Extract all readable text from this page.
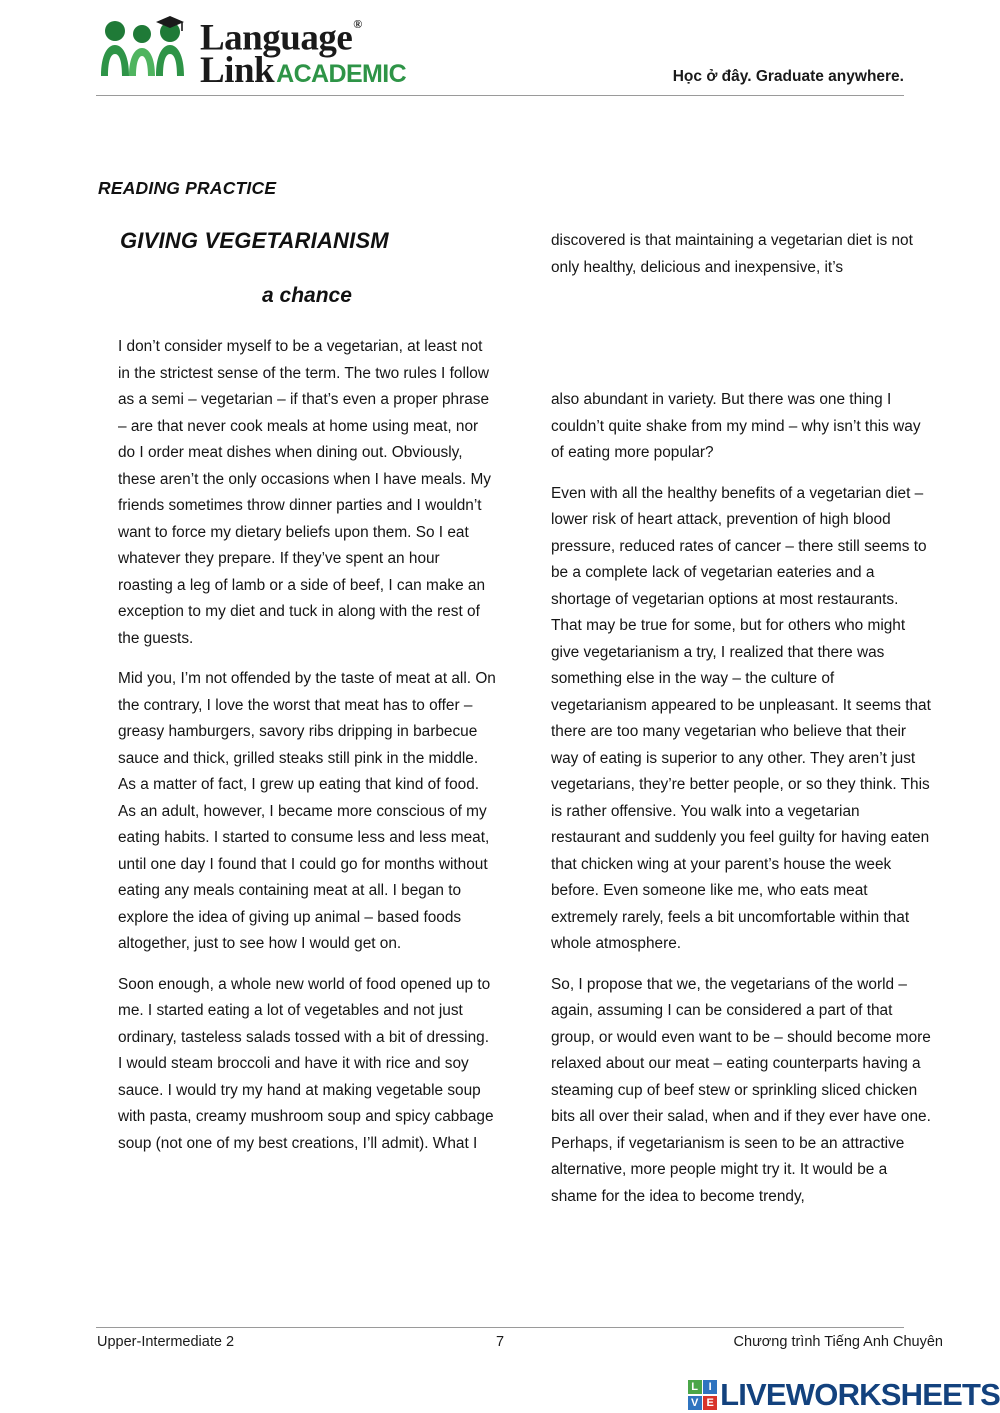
Language®
LinkACADEMIC	Học ở đây. Graduate anywhere.
READING PRACTICE
GIVING VEGETARIANISM
a chance

I don’t consider myself to be a vegetarian, at least not in the strictest sense of the term. The two rules I follow as a semi – vegetarian – if that’s even a proper phrase – are that never cook meals at home using meat, nor do I order meat dishes when dining out. Obviously, these aren’t the only occasions when I have meals. My friends sometimes throw dinner parties and I wouldn’t want to force my dietary beliefs upon them. So I eat whatever they prepare. If they’ve spent an hour roasting a leg of lamb or a side of beef, I can make an exception to my diet and tuck in along with the rest of the guests.

Mid you, I’m not offended by the taste of meat at all. On the contrary, I love the worst that meat has to offer – greasy hamburgers, savory ribs dripping in barbecue sauce and thick, grilled steaks still pink in the middle. As a matter of fact, I grew up eating that kind of food. As an adult, however, I became more conscious of my eating habits. I started to consume less and less meat, until one day I found that I could go for months without eating any meals containing meat at all. I began to explore the idea of giving up animal – based foods altogether, just to see how I would get on.

Soon enough, a whole new world of food opened up to me. I started eating a lot of vegetables and not just ordinary, tasteless salads tossed with a bit of dressing. I would steam broccoli and have it with rice and soy sauce. I would try my hand at making vegetable soup with pasta, creamy mushroom soup and spicy cabbage soup (not one of my best creations, I’ll admit). What I

discovered is that maintaining a vegetarian diet is not only healthy, delicious and inexpensive, it’s

also abundant in variety. But there was one thing I couldn’t quite shake from my mind – why isn’t this way of eating more popular?

Even with all the healthy benefits of a vegetarian diet – lower risk of heart attack, prevention of high blood pressure, reduced rates of cancer – there still seems to be a complete lack of vegetarian eateries and a shortage of vegetarian options at most restaurants. That may be true for some, but for others who might give vegetarianism a try, I realized that there was something else in the way – the culture of vegetarianism appeared to be unpleasant. It seems that there are too many vegetarian who believe that their way of eating is superior to any other. They aren’t just vegetarians, they’re better people, or so they think. This is rather offensive. You walk into a vegetarian restaurant and suddenly you feel guilty for having eaten that chicken wing at your parent’s house the week before. Even someone like me, who eats meat extremely rarely, feels a bit uncomfortable within that whole atmosphere.

So, I propose that we, the vegetarians of the world – again, assuming I can be considered a part of that group, or would even want to be – should become more relaxed about our meat – eating counterparts having a steaming cup of beef stew or sprinkling sliced chicken bits all over their salad, when and if they ever have one. Perhaps, if vegetarianism is seen to be an attractive alternative, more people might try it. It would be a shame for the idea to become trendy,

Upper-Intermediate 2	7	Chương trình Tiếng Anh Chuyên
L I
V E LIVEWORKSHEETS
